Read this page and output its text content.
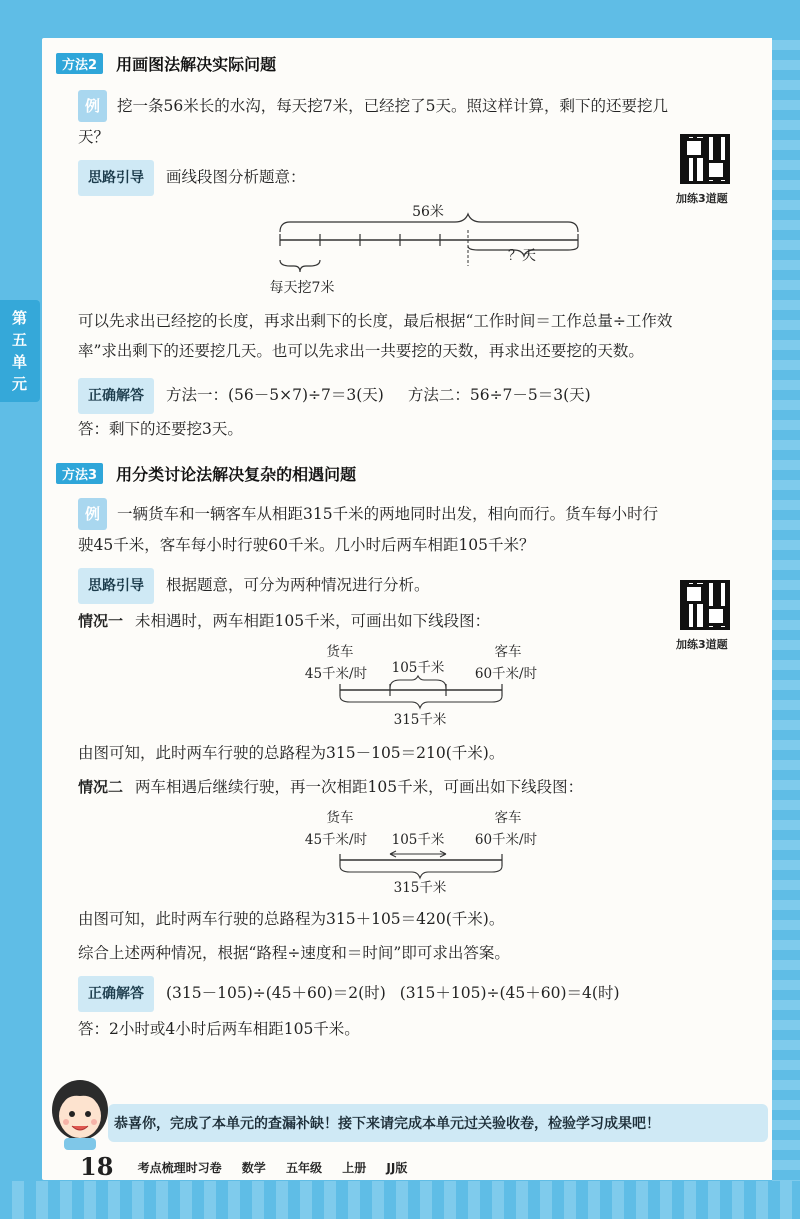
第
五
单
元
方法2 用画图法解决实际问题
例 挖一条56米长的水沟，每天挖7米，已经挖了5天。照这样计算，剩下的还要挖几
天？
思路引导 画线段图分析题意：
加练3道题
56米
？天
每天挖7米
可以先求出已经挖的长度，再求出剩下的长度，最后根据“工作时间＝工作总量÷工作效
率”求出剩下的还要挖几天。也可以先求出一共要挖的天数，再求出还要挖的天数。
正确解答 方法一：(56－5×7)÷7＝3(天) 方法二：56÷7－5＝3(天)
答：剩下的还要挖3天。
方法3 用分类讨论法解决复杂的相遇问题
例 一辆货车和一辆客车从相距315千米的两地同时出发，相向而行。货车每小时行
驶45千米，客车每小时行驶60千米。几小时后两车相距105千米？
思路引导 根据题意，可分为两种情况进行分析。
加练3道题
情况一 未相遇时，两车相距105千米，可画出如下线段图：
货车
45千米/时
客车
60千米/时
105千米
315千米
由图可知，此时两车行驶的总路程为315－105＝210(千米)。
情况二 两车相遇后继续行驶，再一次相距105千米，可画出如下线段图：
货车
45千米/时
客车
60千米/时
105千米
315千米
由图可知，此时两车行驶的总路程为315＋105＝420(千米)。
综合上述两种情况，根据“路程÷速度和＝时间”即可求出答案。
正确解答 (315－105)÷(45＋60)＝2(时) (315＋105)÷(45＋60)＝4(时)
答：2小时或4小时后两车相距105千米。
恭喜你，完成了本单元的查漏补缺！接下来请完成本单元过关验收卷，检验学习成果吧！
18 考点梳理时习卷 数学 五年级 上册 JJ版
